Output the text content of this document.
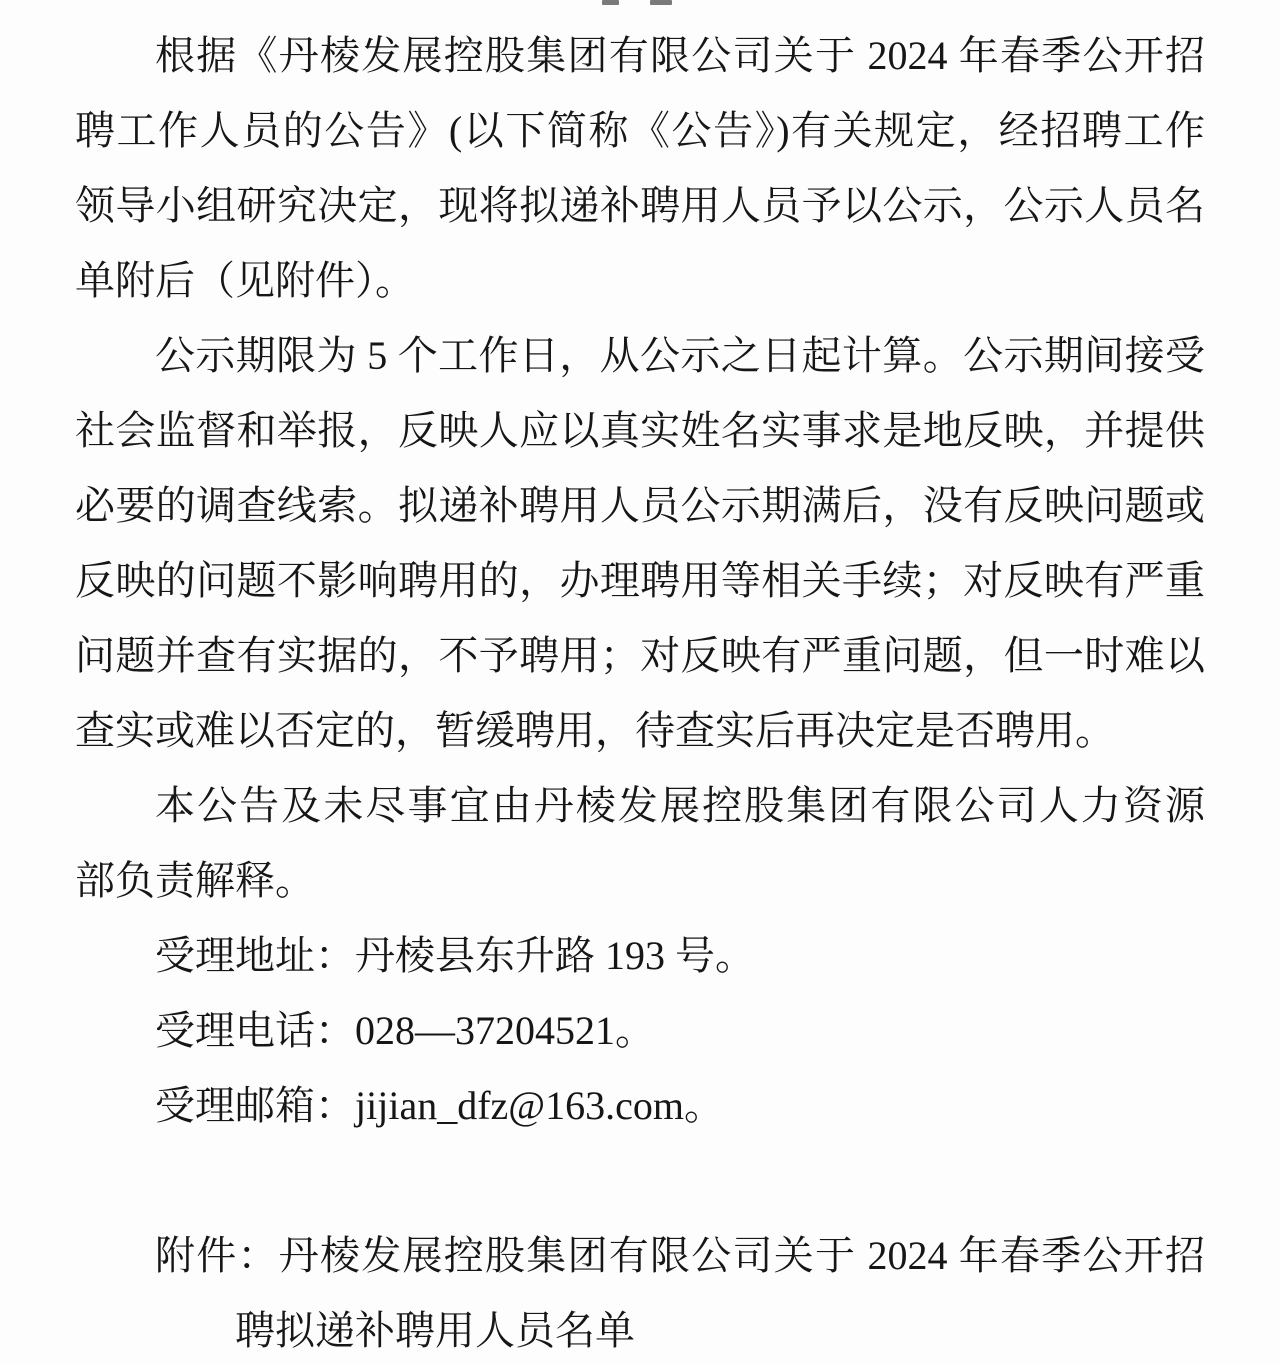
根据《丹棱发展控股集团有限公司关于 2024 年春季公开招

聘工作人员的公告》(以下简称《公告》)有关规定，经招聘工作

领导小组研究决定，现将拟递补聘用人员予以公示，公示人员名

单附后（见附件）。

公示期限为 5 个工作日，从公示之日起计算。公示期间接受

社会监督和举报，反映人应以真实姓名实事求是地反映，并提供

必要的调查线索。拟递补聘用人员公示期满后，没有反映问题或

反映的问题不影响聘用的，办理聘用等相关手续；对反映有严重

问题并查有实据的，不予聘用；对反映有严重问题，但一时难以

查实或难以否定的，暂缓聘用，待查实后再决定是否聘用。

本公告及未尽事宜由丹棱发展控股集团有限公司人力资源

部负责解释。

受理地址：丹棱县东升路 193 号。

受理电话：028—37204521。

受理邮箱：jijian_dfz@163.com。

附件：丹棱发展控股集团有限公司关于 2024 年春季公开招

聘拟递补聘用人员名单
